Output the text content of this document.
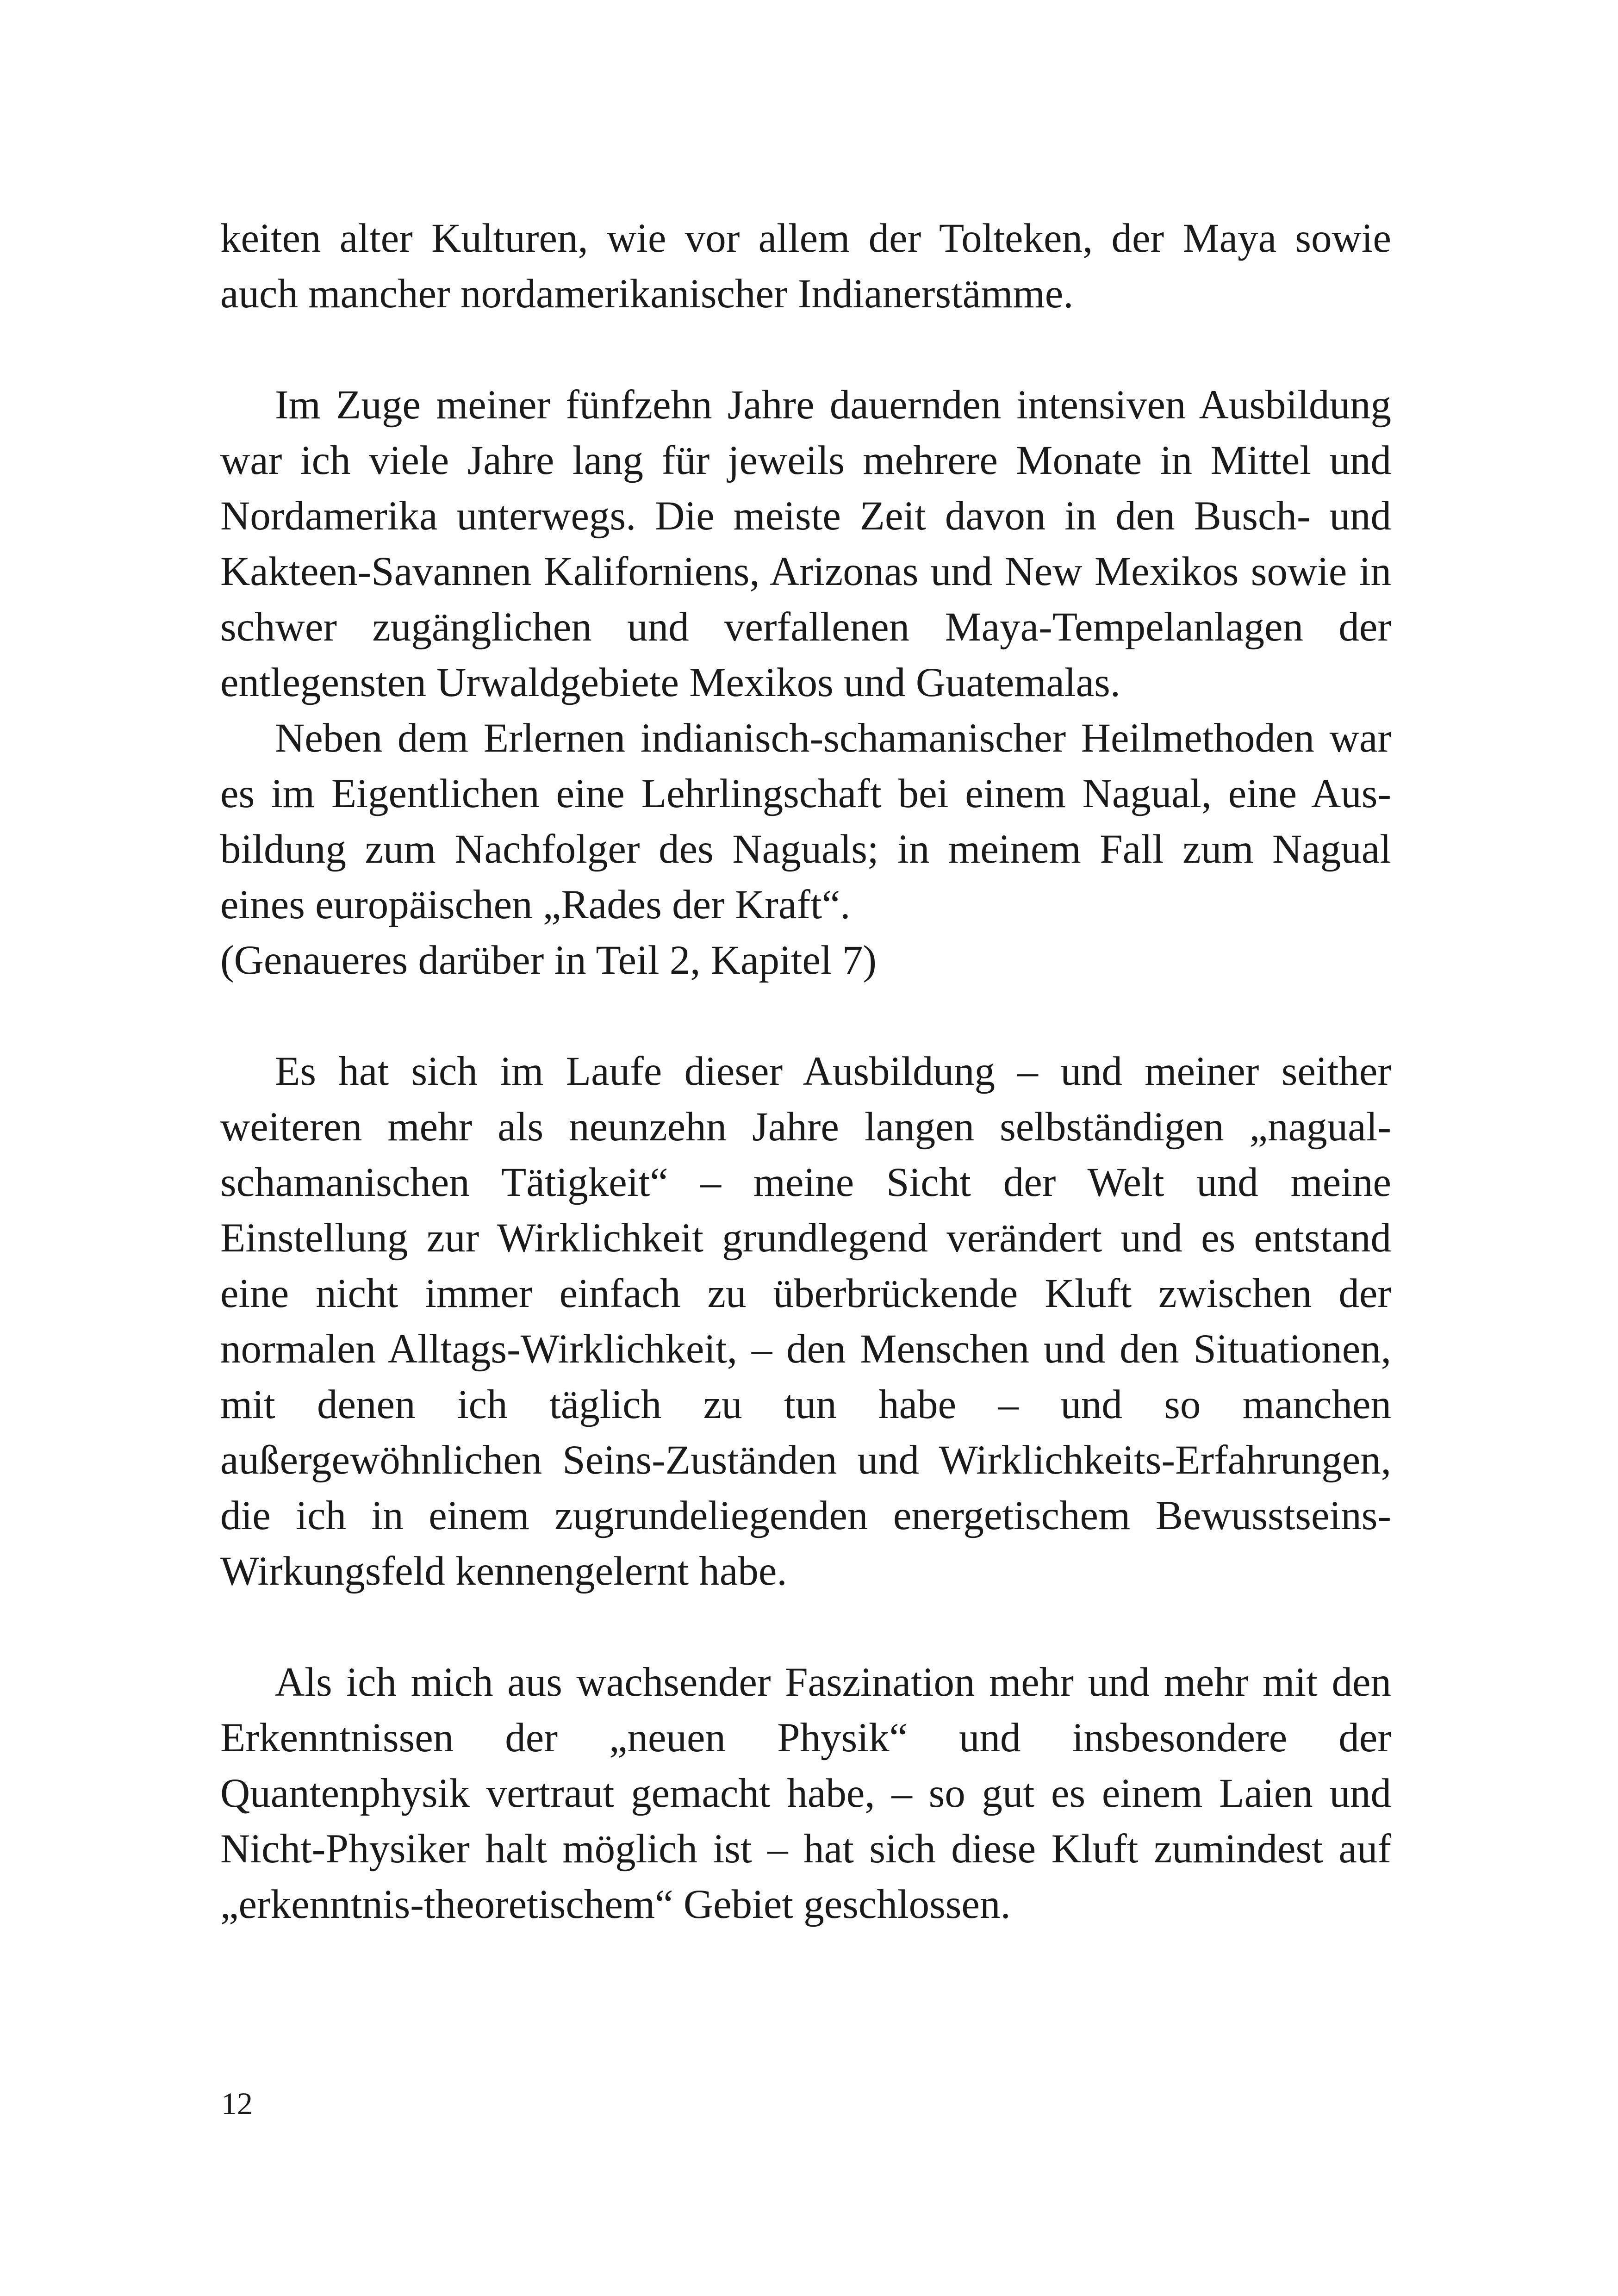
keiten alter Kulturen, wie vor allem der Tolteken, der Maya sowie auch mancher nordamerikanischer Indianerstämme.

Im Zuge meiner fünfzehn Jahre dauernden intensiven Ausbildung war ich viele Jahre lang für jeweils mehrere Monate in Mittel und Nordamerika unterwegs. Die meiste Zeit davon in den Busch- und Kakteen-Savannen Kaliforniens, Arizonas und New Mexikos sowie in schwer zugänglichen und verfallenen Maya-Tempelanlagen der entlegensten Urwaldgebiete Mexikos und Guatemalas.

Neben dem Erlernen indianisch-schamanischer Heilmethoden war es im Eigentlichen eine Lehrlingschaft bei einem Nagual, eine Aus- bildung zum Nachfolger des Naguals; in meinem Fall zum Nagual eines europäischen „Rades der Kraft“.

(Genaueres darüber in Teil 2, Kapitel 7)

Es hat sich im Laufe dieser Ausbildung – und meiner seither weiteren mehr als neunzehn Jahre langen selbständigen „nagual- schamanischen Tätigkeit“ – meine Sicht der Welt und meine Einstellung zur Wirklichkeit grundlegend verändert und es entstand eine nicht immer einfach zu überbrückende Kluft zwischen der normalen Alltags-Wirklichkeit, – den Menschen und den Situationen, mit denen ich täglich zu tun habe – und so manchen außergewöhnlichen Seins-Zuständen und Wirklichkeits-Erfahrungen, die ich in einem zugrundeliegenden energetischem Bewusstseins- Wirkungsfeld kennengelernt habe.

Als ich mich aus wachsender Faszination mehr und mehr mit den Erkenntnissen der „neuen Physik“ und insbesondere der Quantenphysik vertraut gemacht habe, – so gut es einem Laien und Nicht-Physiker halt möglich ist – hat sich diese Kluft zumindest auf „erkenntnis-theoretischem“ Gebiet geschlossen.

12
